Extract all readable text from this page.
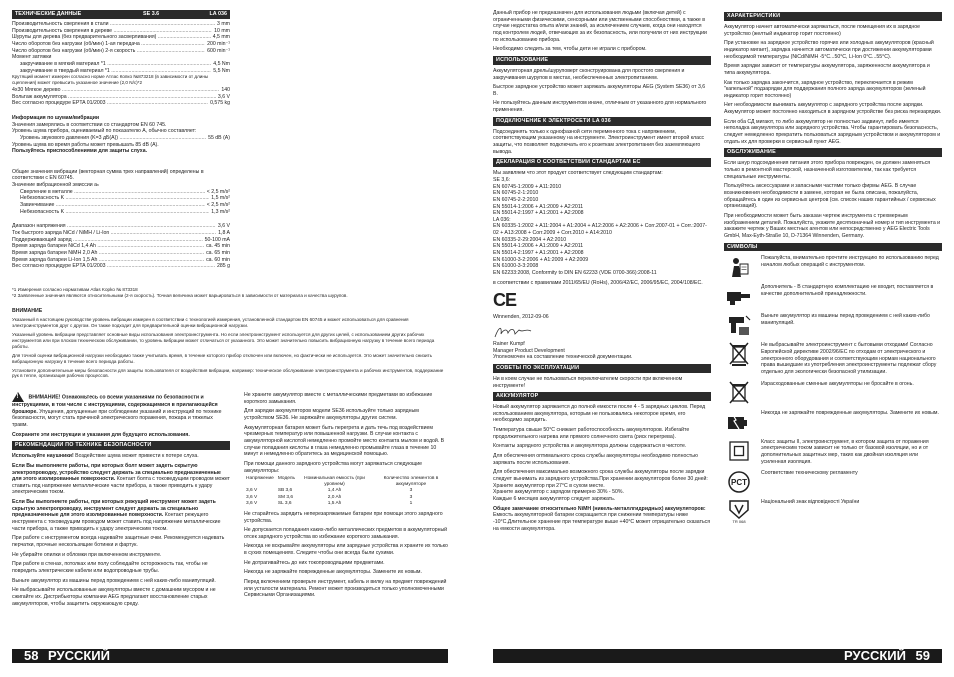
ТЕХНИЧЕСКИЕ ДАННЫЕ	SE 3.6	LA 036
Производительность сверления в стали .....	3 mm
Производительность сверления в дереве .....	10 mm
Шурупы для дерева (без предварительного засверливания) .....	4,5 mm
Число оборотов без нагрузки (об/мин) 1-ая передача .....	200 min⁻¹
Число оборотов без нагрузки (об/мин) 2-я скорость .....	600 min⁻¹
Момент затяжки
закручивание в мягкий материал *1 .....	4,5 Nm
закручивание в твердый материал *1 .....	5,5 Nm
Крутящий момент измерен согласно норме Атлас Копко №873218 (в зависимости от длины сцепления) может превысить указанное значение (2,0 N/с)*2
4x30 Мягкое дерево .....	140
Вольтаж аккумулятора .....	3,6 V
Вес согласно процедуре EPTA 01/2003 .....	0,575 kg
Информация по шумам/вибрации
Значения замерялись в соответствии со стандартом EN 60 745.
Уровень шума прибора, оцениваемый по показателю А, обычно составляет:
Уровень звукового давления (K=3 дБ(A)) .....	55 dB (A)
Уровень шума во время работы может превышать 85 dB (A).
Пользуйтесь приспособлениями для защиты слуха.
Общие значения вибрации (векторная сумма трех направлений) определены в соответствии с EN 60745.
Значение вибрационной эмиссии aₕ
Сверление в металле .....	< 2,5 m/s²
Небезопасность K .....	1,5 m/s²
Завинчивание .....	< 2,5 m/s²
Небезопасность K .....	1,3 m/s²
Диапазон напряжения .....	3,6 V
Ток быстрого заряда NiCd / NiMH / Li-Ion .....	1,8 A
Поддерживающий заряд .....	50-100 mA
Время заряда батареи NiCd 1,4 Ah .....	ca. 45 min
Время заряда батареи NiMH 2,0 Ah .....	ca. 65 min
Время заряда батареи Li-Ion 1,5 Ah .....	ca. 60 min
Вес согласно процедуре EPTA 01/2003 .....	285 g
*1 Измерения согласно нормативам Atlas Kopko № 873318
*2 Заявленные значения являются относительными (2-я скорость). Точная величина может варьироваться в зависимости от материала и качества шурупов.
ВНИМАНИЕ
Указанный в настоящем руководстве уровень вибрации измерен в соответствии с технологией измерения, установленной стандартом EN 60745 и может использоваться для сравнения электроинструментов друг с другом. Он также подходит для предварительной оценки вибрационной нагрузки.
Указанный уровень вибрации представляет основные виды использования электроинструмента. Но если электроинструмент используется для других целей, с использованием других рабочих инструментов или при плохом техническом обслуживании, то уровень вибрации может отличаться от указанного. Это может значительно повысить вибрационную нагрузку в течение всего периода работы.
Для точной оценки вибрационной нагрузки необходимо также учитывать время, в течение которого прибор отключен или включен, но фактически не используется. Это может значительно снизить вибрационную нагрузку в течение всего периода работы.
Установите дополнительные меры безопасности для защиты пользователя от воздействия вибрации, например: техническое обслуживание электроинструмента и рабочих инструментов, поддержание рук в тепле, организация рабочих процессов.
! ВНИМАНИЕ! Ознакомьтесь со всеми указаниями по безопасности и инструкциями, в том числе с инструкциями, содержащимися в прилагающейся брошюре. Упущения, допущенные при соблюдении указаний и инструкций по технике безопасности, могут стать причиной электрического поражения, пожара и тяжелых травм.
Сохраните эти инструкции и указания для будущего использования.
РЕКОМЕНДАЦИИ ПО ТЕХНИКЕ БЕЗОПАСНОСТИ
Используйте наушники! Воздействие шума может привести к потере слуха.
Если Вы выполняете работы, при которых болт может задеть скрытую электропроводку, устройство следует держать за специально предназначенные для этого изолированные поверхности. Контакт болта с токоведущим проводом может ставить под напряжение металлические части прибора, а также приводить к удару электрическим током.
Если Вы выполняете работы, при которых режущий инструмент может задеть скрытую электропроводку, инструмент следует держать за специально предназначенные для этого изолированные поверхности. Контакт режущего инструмента с токоведущим проводом может ставить под напряжение металлические части прибора, а также приводить к удару электрическим током.
При работе с инструментом всегда надевайте защитные очки. Рекомендуется надевать перчатки, прочные нескользящие ботинки и фартук.
Не убирайте опилки и обломки при включенном инструменте.
При работе в стенах, потолках или полу соблюдайте осторожность так, чтобы не повредить электрические кабели или водопроводные трубы.
Выньте аккумулятор из машины перед проведением с ней каких-либо манипуляций.
Не выбрасывайте использованные аккумуляторы вместе с домашним мусором и не сжигайте их. Дистрибьюторы компании AEG предлагают восстановление старых аккумуляторов, чтобы защитить окружающую среду.
Не храните аккумулятор вместе с металлическими предметами во избежание короткого замыкания.
Для зарядки аккумуляторов модели SE36 используйте только зарядным устройством SE36. Не заряжайте аккумуляторы других систем.
Аккумуляторная батарея может быть перегрета и дать течь под воздействием чрезмерных температур или повышенной нагрузки. В случае контакта с аккумуляторной кислотой немедленно промойте место контакта мылом и водой. В случае попадания кислоты в глаза немедленно промывайте глаза в течение 10 минут и немедленно обратитесь за медицинской помощью.
При помощи данного зарядного устройства могут заряжаться следующие аккумуляторы:
Напряжение	Модель	Номинальная емкость (при уровнем)	Количество элементов в аккумуляторе
3,6 V	SB 3,6	1,4 Ah	3
3,6 V	SM 3,6	2,0 Ah	3
3,6 V	SL 3,6	1,5 Ah	1
Не старайтесь зарядить неперезаряжаемые батареи при помощи этого зарядного устройства.
Не допускается попадания каких-либо металлических предметов в аккумуляторный отсек зарядного устройства во избежание короткого замыкания.
Никогда не вскрывайте аккумуляторы или зарядные устройства и храните их только в сухих помещениях. Следите чтобы они всегда были сухими.
Не дотрагивайтесь до них токопроводящими предметами.
Никогда не заряжайте поврежденные аккумуляторы. Замените их новым.
Перед включением проверьте инструмент, кабель и вилку на предмет повреждений или усталости материала. Ремонт может производиться только уполномоченными Сервисными Организациями.
58 РУССКИЙ
Данный прибор не предназначен для использования людьми (включая детей) с ограниченными физическими, сенсорными или умственными способностями, а также в случае недостатка опыта и/или знаний, за исключением случаев, когда они находятся под контролем людей, отвечающих за их безопасность, или получили от них инструкции по использованию прибора.
Необходимо следить за тем, чтобы дети не играли с прибором.
ИСПОЛЬЗОВАНИЕ
Аккумуляторная дрель/шуруповерт сконструирована для простого сверления и закручивания шурупов в местах, необеспеченных электропитанием.
Быстрое зарядное устройство может заряжать аккумуляторы AEG (System SE36) от 3,6 В.
Не пользуйтесь данным инструментом иначе, отличным от указанного для нормального применения.
ПОДКЛЮЧЕНИЕ К ЭЛЕКТРОСЕТИ LA 036
Подсоединять только к однофазной сети переменного тока с напряжением, соответствующим указанному на инструменте. Электроинструмент имеет второй класс защиты, что позволяет подключать его к розеткам электропитания без заземляющего вывода.
ДЕКЛАРАЦИЯ О СООТВЕТСТВИИ СТАНДАРТАМ ЕС
Мы заявляем что этот продукт соответствует следующим стандартам:
SE 3,6:
EN 60745-1:2009 + A11:2010
EN 60745-2-1:2010
EN 60745-2-2:2010
EN 55014-1:2006 + A1:2009 + A2:2011
EN 55014-2:1997 + A1:2001 + A2:2008
LA 036:
EN 60335-1:2002 + A11:2004 + A1:2004 + A12:2006 + A2:2006 + Corr.2007-01 + Corr.:2007-02 + A13:2008 + Corr.2009 + Corr.2010 + A14:2010
EN 60335-2-29:2004 + A2:2010
EN 55014-1:2006 + A1:2009 + A2:2011
EN 55014-2:1997 + A1:2001 + A2:2008
EN 61000-3-2:2006 + A1:2009 + A2:2009
EN 61000-3-3:2008
EN 62233:2008, Conformity to DIN EN 62233 (VDE 0700-366):2008-11
в соответствии с правилами 2011/65/EU (RoHs), 2006/42/EC, 2006/95/EC, 2004/108/EC.
CE
Winnenden, 2012-09-06
Rainer Kumpf
Manager Product Development
Уполномочен на составление технической документации.
СОВЕТЫ ПО ЭКСПЛУАТАЦИИ
Ни в коем случае не пользоваться переключателем скорости при включенном инструменте!
АККУМУЛЯТОР
Новый аккумулятор заряжается до полной емкости после 4 - 5 зарядных циклов. Перед использованием аккумулятора, которым не пользовались некоторое время, его необходимо зарядить.
Температура свыше 50°C снижает работоспособность аккумуляторов. Избегайте продолжительного нагрева или прямого солнечного света (риск перегрева).
Контакты зарядного устройства и аккумулятора должны содержаться в чистоте.
Для обеспечения оптимального срока службы аккумуляторы необходимо полностью заряжать после использования.
Для обеспечения максимально возможного срока службы аккумуляторы после зарядки следует вынимать из зарядного устройства.При хранении аккумуляторов более 30 дней:
Храните аккумулятор при 27°C в сухом месте.
Храните аккумулятор с зарядом примерно 30% - 50%.
Каждые 6 месяцев аккумулятор следует заряжать.
Общее замечание относительно NiMH (никель-металлгидридных) аккумуляторов:
Емкость аккумуляторной батареи сокращается при снижении температуры ниже -10°С.Длительное хранение при температуре выше +40°С может отрицательно сказаться на емкости аккумулятора.
ХАРАКТЕРИСТИКИ
Аккумулятор начнет автоматически заряжаться, после помещения их в зарядное устройство (желтый индикатор горит постоянно)
При установке на зарядное устройство горячих или холодных аккумуляторов (красный индикатор мигает), зарядка начнется автоматически при достижении аккумуляторами необходимой температуры (NiCd/NiMH -5°C...50°C, Li-Ion 0°C...55°C).
Время зарядки зависит от температуры аккумулятора, заряженности аккумулятора и типа аккумулятора.
Как только зарядка закончится, зарядное устройство, переключается в режим "капельной" подзарядки для поддержания полного заряда аккумуляторов (зеленый индикатор горит постоянно)
Нет необходимости вынимать аккумулятор с зарядного устройства после зарядки. Аккумулятор может постоянно находиться в зарядном устройстве без риска перезарядки.
Если оба СД мигают, то либо аккумулятор не полностью задвинут, либо имеется неполадка аккумулятора или зарядного устройства. Чтобы гарантировать безопасность, следует немедленно прекратить пользоваться зарядным устройством и аккумулятором и отдать их для проверки в сервисный пункт AEG.
ОБСЛУЖИВАНИЕ
Если шнур подсоединения питания этого прибора поврежден, он должен заменяться только в ремонтной мастерской, назначенной изготовителем, так как требуется специальные инструменты.
Пользуйтесь аксессуарами и запасными частями только фирмы AEG. В случае возникновения необходимости в замене, которая не была описана, пожалуйста, обращайтесь в один из сервисных центров (см. список наших гарантийных / сервисных организаций).
При необходимости может быть заказан чертеж инструмента с трехмерным изображением деталей. Пожалуйста, укажите десятизначный номер и тип инструмента и закажите чертеж у Ваших местных агентов или непосредственно у AEG Electric Tools GmbH, Max-Eyth-Straße 10, D-71364 Winnenden, Germany.
СИМВОЛЫ
Пожалуйста, внимательно прочтите инструкцию по использованию перед началом любых операций с инструментом.
Дополнитель - В стандартную комплектацию не входит, поставляется в качестве дополнительной принадлежности.
Выньте аккумулятор из машины перед проведением с ней каких-либо манипуляций.
Не выбрасывайте электроинструмент с бытовыми отходами! Согласно Европейской директиве 2002/96/ЕС по отходам от электрического и электронного оборудования и соответствующим нормам национального права вышедшие из употребления электроинструменты подлежат сбору отдельно для экологически безопасной утилизации.
Израсходованные сменные аккумуляторы не бросайте в огонь.
Никогда не заряжайте поврежденные аккумуляторы. Замените их новым.
Класс защиты II, электроинструмент, в котором защита от поражения электрическим током зависит не только от базовой изоляции, но и от дополнительных защитных мер, таких как двойная изоляция или усиленная изоляция.
PCT
Соответствие техническому регламенту
TR 068
Національний знак відповідності України
РУССКИЙ 59
